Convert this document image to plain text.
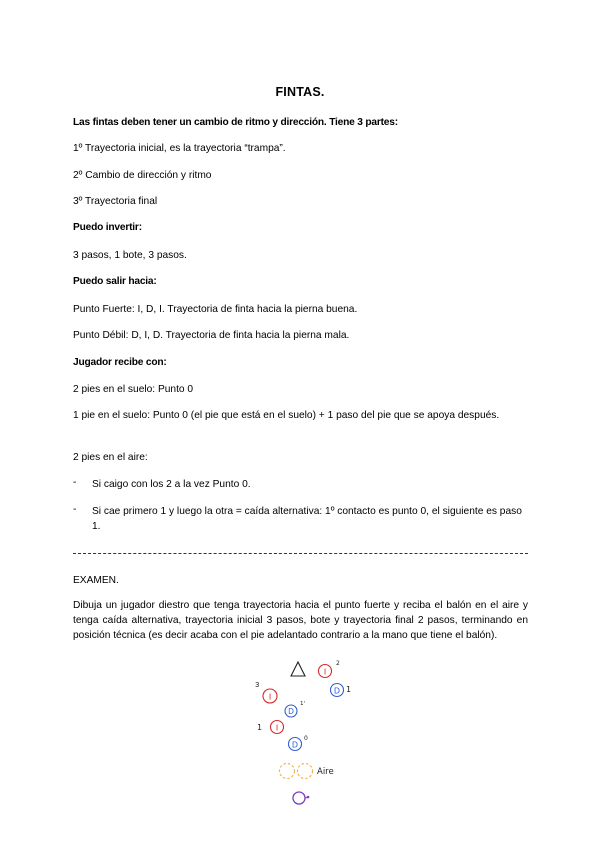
FINTAS.
Las fintas deben tener un cambio de ritmo y dirección. Tiene 3 partes:
1º Trayectoria inicial, es la trayectoria “trampa”.
2º Cambio de dirección y ritmo
3º Trayectoria final
Puedo invertir:
3 pasos, 1 bote, 3 pasos.
Puedo salir hacia:
Punto Fuerte: I, D, I. Trayectoria de finta hacia la pierna buena.
Punto Débil: D, I, D. Trayectoria de finta hacia la pierna mala.
Jugador recibe con:
2 pies en el suelo: Punto 0
1 pie en el suelo: Punto 0 (el pie que está en el suelo) + 1 paso del pie que se apoya después.
2 pies en el aire:
- Si caigo con los 2 a la vez Punto 0.
- Si cae primero 1 y luego la otra = caída alternativa: 1º contacto es punto 0, el siguiente es paso 1.
EXAMEN.
Dibuja un jugador diestro que tenga trayectoria hacia el punto fuerte y reciba el balón en el aire y tenga caída alternativa, trayectoria inicial 3 pasos, bote y trayectoria final 2 pasos, terminando en posición técnica (es decir acaba con el pie adelantado contrario a la mano que tiene el balón).
I
2
D 1
I
3
D
1'
I
1
D
0
Aire
